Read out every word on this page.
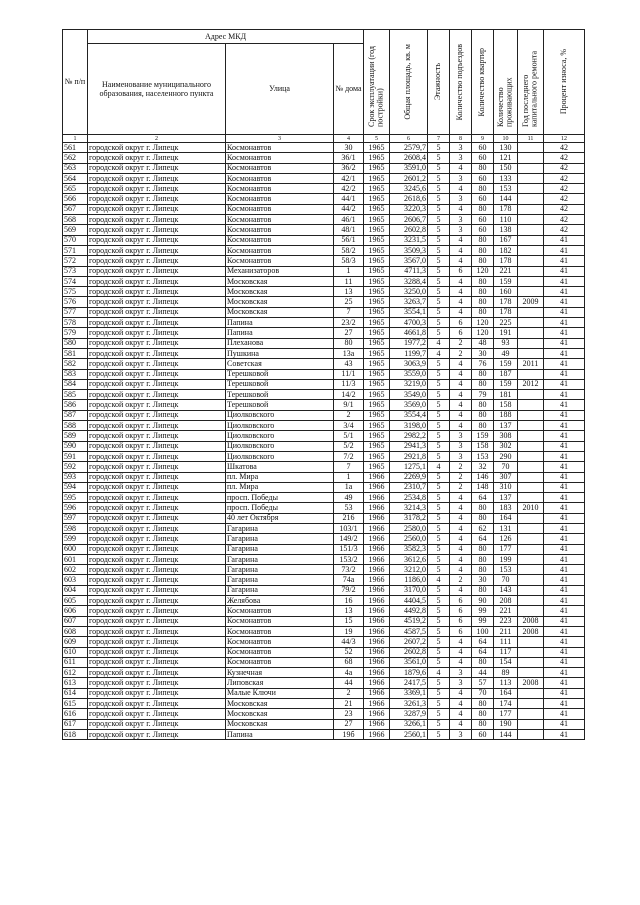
№ п/п	Адрес МКД			Срок эксплуатации (год постройки)	Общая площадь, кв. м	Этажность	Количество подъездов	Количество квартир	Количество проживающих	Год последнего капитального ремонта	Процент износа, %

	Наименование муниципального образования, населенного пункта	Улица	№ дома								
1	2	3	4	5	6	7	8	9	10	11	12
561	городской округ г. Липецк	Космонавтов	30	1965	2579,7	5	3	60	130		42
562	городской округ г. Липецк	Космонавтов	36/1	1965	2608,4	5	3	60	121		42
563	городской округ г. Липецк	Космонавтов	36/2	1965	3591,0	5	4	80	150		42
564	городской округ г. Липецк	Космонавтов	42/1	1965	2601,2	5	3	60	133		42
565	городской округ г. Липецк	Космонавтов	42/2	1965	3245,6	5	4	80	153		42
566	городской округ г. Липецк	Космонавтов	44/1	1965	2618,6	5	3	60	144		42
567	городской округ г. Липецк	Космонавтов	44/2	1965	3220,3	5	4	80	178		42
568	городской округ г. Липецк	Космонавтов	46/1	1965	2606,7	5	3	60	110		42
569	городской округ г. Липецк	Космонавтов	48/1	1965	2602,8	5	3	60	138		42
570	городской округ г. Липецк	Космонавтов	56/1	1965	3231,5	5	4	80	167		41
571	городской округ г. Липецк	Космонавтов	58/2	1965	3509,3	5	4	80	182		41
572	городской округ г. Липецк	Космонавтов	58/3	1965	3567,0	5	4	80	178		41
573	городской округ г. Липецк	Механизаторов	1	1965	4711,3	5	6	120	221		41
574	городской округ г. Липецк	Московская	11	1965	3288,4	5	4	80	159		41
575	городской округ г. Липецк	Московская	13	1965	3250,0	5	4	80	160		41
576	городской округ г. Липецк	Московская	25	1965	3263,7	5	4	80	178	2009	41
577	городской округ г. Липецк	Московская	7	1965	3554,1	5	4	80	178		41
578	городской округ г. Липецк	Папина	23/2	1965	4700,3	5	6	120	225		41
579	городской округ г. Липецк	Папина	27	1965	4661,8	5	6	120	191		41
580	городской округ г. Липецк	Плеханова	80	1965	1977,2	4	2	48	93		41
581	городской округ г. Липецк	Пушкина	13а	1965	1199,7	4	2	30	49		41
582	городской округ г. Липецк	Советская	43	1965	3063,9	5	4	76	159	2011	41
583	городской округ г. Липецк	Терешковой	11/1	1965	3559,0	5	4	80	187		41
584	городской округ г. Липецк	Терешковой	11/3	1965	3219,0	5	4	80	159	2012	41
585	городской округ г. Липецк	Терешковой	14/2	1965	3549,0	5	4	79	181		41
586	городской округ г. Липецк	Терешковой	9/1	1965	3569,0	5	4	80	158		41
587	городской округ г. Липецк	Циолковского	2	1965	3554,4	5	4	80	188		41
588	городской округ г. Липецк	Циолковского	3/4	1965	3198,0	5	4	80	137		41
589	городской округ г. Липецк	Циолковского	5/1	1965	2982,2	5	3	159	308		41
590	городской округ г. Липецк	Циолковского	5/2	1965	2941,3	5	3	158	302		41
591	городской округ г. Липецк	Циолковского	7/2	1965	2921,8	5	3	153	290		41
592	городской округ г. Липецк	Шкатова	7	1965	1275,1	4	2	32	70		41
593	городской округ г. Липецк	пл. Мира	1	1966	2269,9	5	2	146	307		41
594	городской округ г. Липецк	пл. Мира	1а	1966	2310,7	5	2	148	310		41
595	городской округ г. Липецк	просп. Победы	49	1966	2534,8	5	4	64	137		41
596	городской округ г. Липецк	просп. Победы	53	1966	3214,3	5	4	80	183	2010	41
597	городской округ г. Липецк	40 лет Октября	216	1966	3178,2	5	4	80	164		41
598	городской округ г. Липецк	Гагарина	103/1	1966	2580,0	5	4	62	131		41
599	городской округ г. Липецк	Гагарина	149/2	1966	2560,0	5	4	64	126		41
600	городской округ г. Липецк	Гагарина	151/3	1966	3582,3	5	4	80	177		41
601	городской округ г. Липецк	Гагарина	153/2	1966	3612,6	5	4	80	199		41
602	городской округ г. Липецк	Гагарина	73/2	1966	3212,0	5	4	80	153		41
603	городской округ г. Липецк	Гагарина	74а	1966	1186,0	4	2	30	70		41
604	городской округ г. Липецк	Гагарина	79/2	1966	3170,0	5	4	80	143		41
605	городской округ г. Липецк	Желябова	16	1966	4404,5	5	6	90	208		41
606	городской округ г. Липецк	Космонавтов	13	1966	4492,8	5	6	99	221		41
607	городской округ г. Липецк	Космонавтов	15	1966	4519,2	5	6	99	223	2008	41
608	городской округ г. Липецк	Космонавтов	19	1966	4587,5	5	6	100	211	2008	41
609	городской округ г. Липецк	Космонавтов	44/3	1966	2607,2	5	4	64	111		41
610	городской округ г. Липецк	Космонавтов	52	1966	2602,8	5	4	64	117		41
611	городской округ г. Липецк	Космонавтов	68	1966	3561,0	5	4	80	154		41
612	городской округ г. Липецк	Кузнечная	4а	1966	1879,6	4	3	44	89		41
613	городской округ г. Липецк	Липовская	44	1966	2417,5	5	3	57	113	2008	41
614	городской округ г. Липецк	Малые Ключи	2	1966	3369,1	5	4	70	164		41
615	городской округ г. Липецк	Московская	21	1966	3261,3	5	4	80	174		41
616	городской округ г. Липецк	Московская	23	1966	3287,9	5	4	80	177		41
617	городской округ г. Липецк	Московская	27	1966	3266,1	5	4	80	190		41
618	городской округ г. Липецк	Папина	19б	1966	2560,1	5	3	60	144		41
